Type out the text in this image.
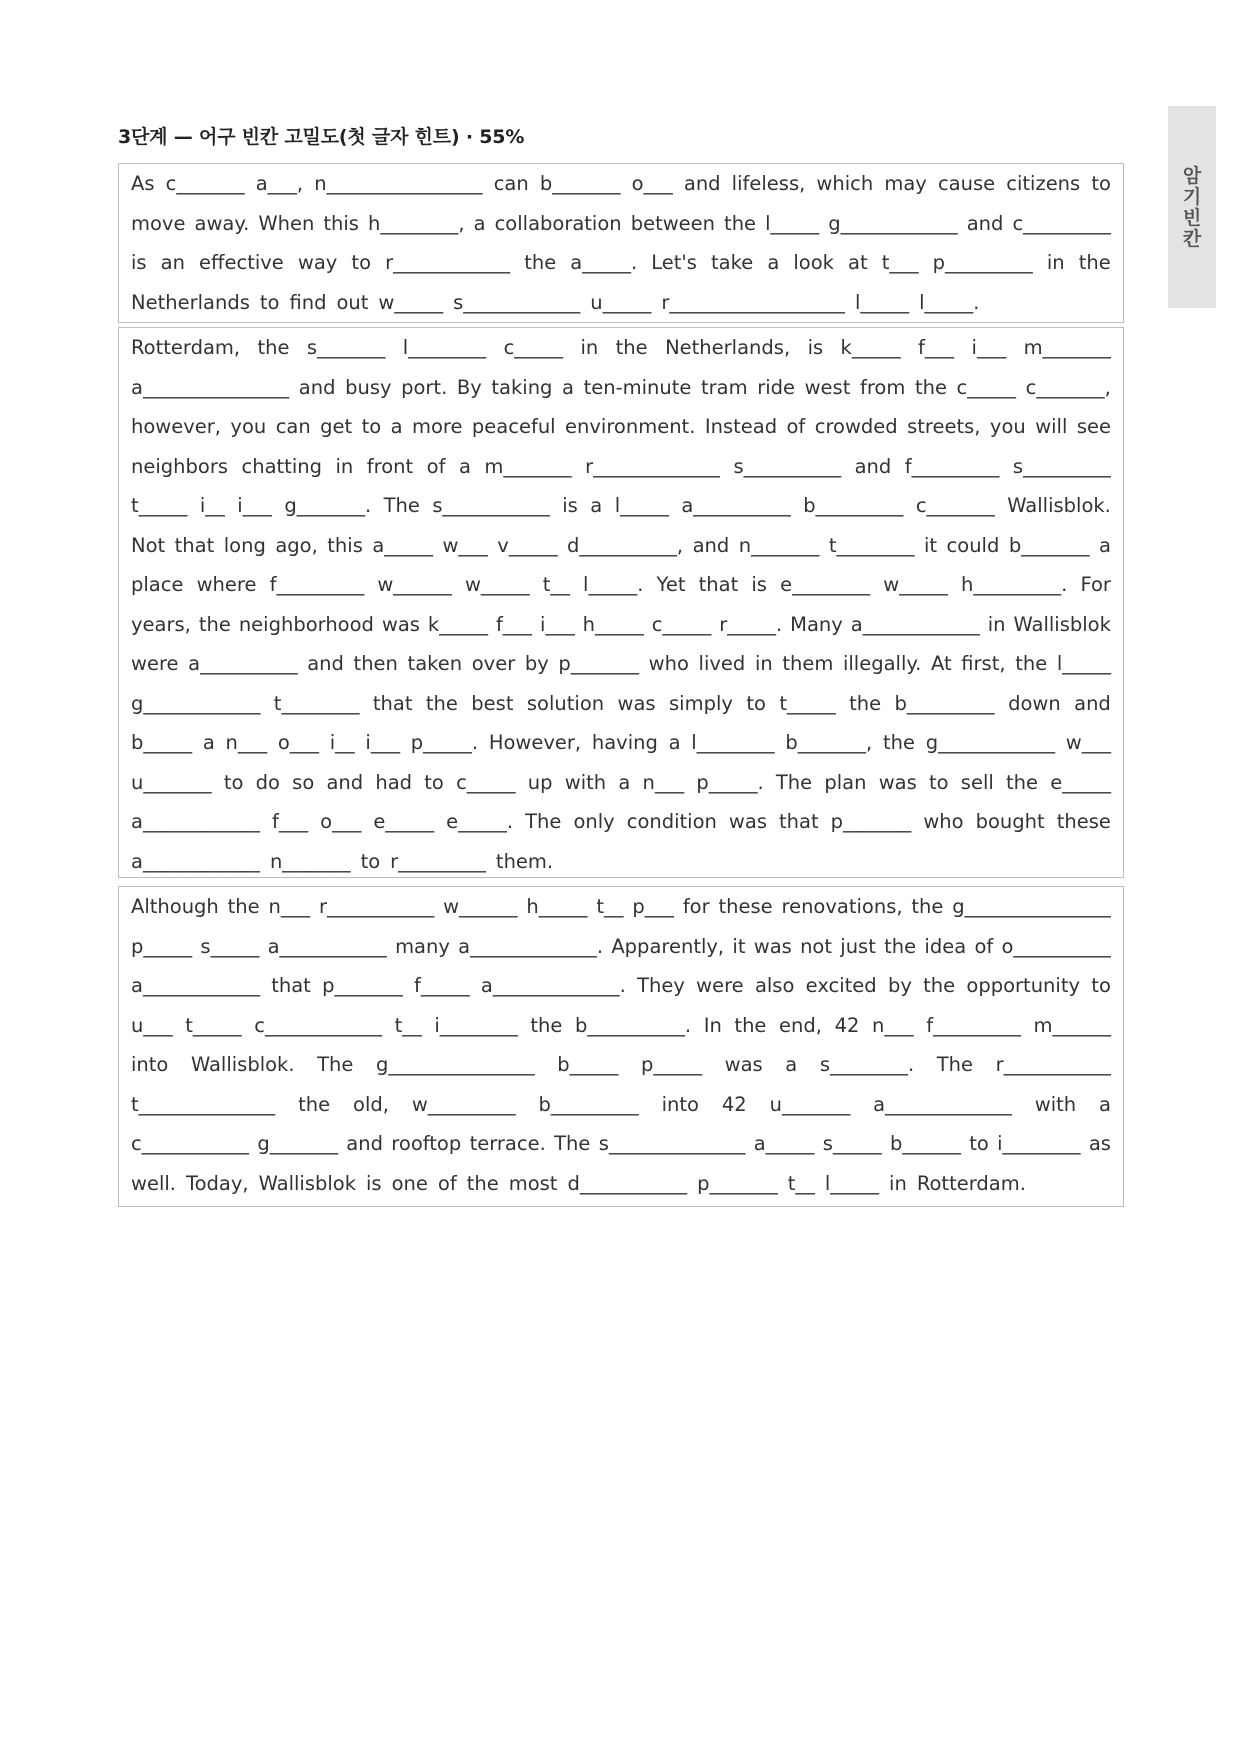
암
기
빈
칸
3단계 — 어구 빈칸 고밀도(첫 글자 힌트) · 55%
As c_______ a___, n________________ can b_______ o___ and lifeless, which may cause citizens to
move away. When this h________, a collaboration between the l_____ g____________ and c_________
is an effective way to r____________ the a_____. Let's take a look at t___ p_________ in the
Netherlands to find out w_____ s____________ u_____ r__________________ l_____ l_____.
Rotterdam, the s_______ l________ c_____ in the Netherlands, is k_____ f___ i___ m_______
a_______________ and busy port. By taking a ten-minute tram ride west from the c_____ c_______,
however, you can get to a more peaceful environment. Instead of crowded streets, you will see
neighbors chatting in front of a m_______ r_____________ s__________ and f_________ s_________
t_____ i__ i___ g_______. The s___________ is a l_____ a__________ b_________ c_______ Wallisblok.
Not that long ago, this a_____ w___ v_____ d__________, and n_______ t________ it could b_______ a
place where f_________ w______ w_____ t__ l_____. Yet that is e________ w_____ h_________. For
years, the neighborhood was k_____ f___ i___ h_____ c_____ r_____. Many a____________ in Wallisblok
were a__________ and then taken over by p_______ who lived in them illegally. At first, the l_____
g____________ t________ that the best solution was simply to t_____ the b_________ down and
b_____ a n___ o___ i__ i___ p_____. However, having a l________ b_______, the g____________ w___
u_______ to do so and had to c_____ up with a n___ p_____. The plan was to sell the e_____
a____________ f___ o___ e_____ e_____. The only condition was that p_______ who bought these
a____________ n_______ to r_________ them.
Although the n___ r___________ w______ h_____ t__ p___ for these renovations, the g_______________
p_____ s_____ a___________ many a_____________. Apparently, it was not just the idea of o__________
a____________ that p_______ f_____ a_____________. They were also excited by the opportunity to
u___ t_____ c____________ t__ i________ the b__________. In the end, 42 n___ f_________ m______
into Wallisblok. The g_______________ b_____ p_____ was a s________. The r___________
t______________ the old, w_________ b_________ into 42 u_______ a_____________ with a
c___________ g_______ and rooftop terrace. The s______________ a_____ s_____ b______ to i________ as
well. Today, Wallisblok is one of the most d___________ p_______ t__ l_____ in Rotterdam.
